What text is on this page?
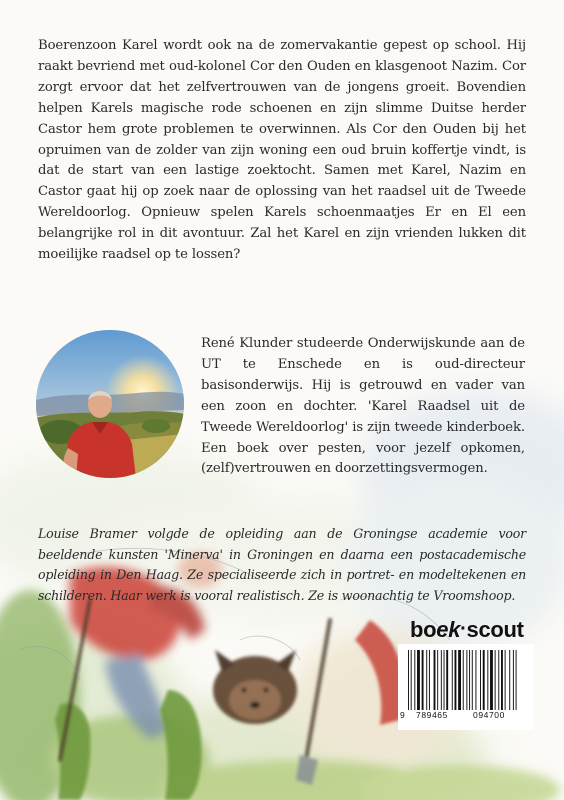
Boerenzoon Karel wordt ook na de zomervakantie gepest op school. Hij raakt bevriend met oud-kolonel Cor den Ouden en klasgenoot Nazim. Cor zorgt ervoor dat het zelfvertrouwen van de jongens groeit. Bovendien helpen Karels magische rode schoenen en zijn slimme Duitse herder Castor hem grote problemen te overwinnen. Als Cor den Ouden bij het opruimen van de zolder van zijn woning een oud bruin koffertje vindt, is dat de start van een lastige zoektocht. Samen met Karel, Nazim en Castor gaat hij op zoek naar de oplossing van het raadsel uit de Tweede Wereldoorlog. Opnieuw spelen Karels schoenmaatjes Er en El een belangrijke rol in dit avontuur. Zal het Karel en zijn vrienden lukken dit moeilijke raadsel op te lossen?

René Klunder studeerde Onderwijskunde aan de UT te Enschede en is oud-directeur basisonderwijs. Hij is getrouwd en vader van een zoon en dochter. 'Karel Raadsel uit de Tweede Wereldoorlog' is zijn tweede kinderboek. Een boek over pesten, voor jezelf opkomen, (zelf)vertrouwen en doorzettingsvermogen.

Louise Bramer volgde de opleiding aan de Groningse academie voor beeldende kunsten 'Minerva' in Groningen en daarna een postacademische opleiding in Den Haag. Ze specialiseerde zich in portret- en modeltekenen en schilderen. Haar werk is vooral realistisch. Ze is woonachtig te Vroomshoop.

boek·scout
9 789465	094700
